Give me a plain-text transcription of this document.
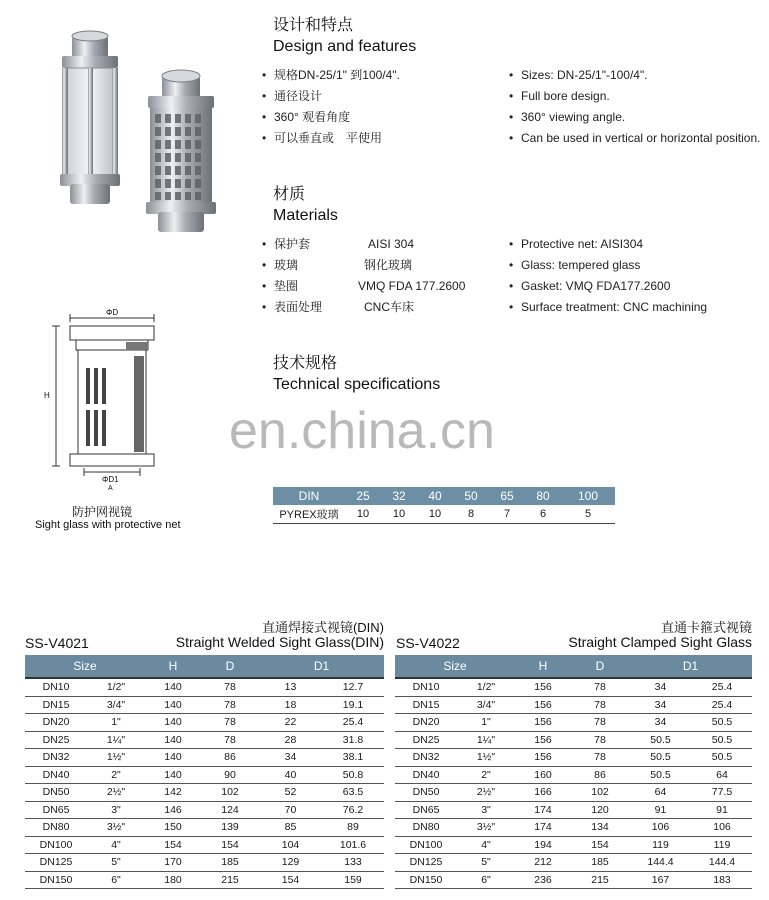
设计和特点
Design and features
• 规格DN-25/1" 到100/4".
• 通径设计
• 360° 观看角度
• 可以垂直或　平使用
• Sizes: DN-25/1"-100/4".
• Full bore design.
• 360° viewing angle.
• Can be used in vertical or horizontal position.
材质
Materials
• 保护套	AISI 304
• 玻璃	钢化玻璃
• 垫圈	VMQ FDA 177.2600
• 表面处理	CNC车床
• Protective net: AISI304
• Glass: tempered glass
• Gasket: VMQ FDA177.2600
• Surface treatment: CNC machining
技术规格
Technical specifications
en.china.cn
ΦD
H
ΦD1
A
防护网视镜
Sight glass with protective net
DIN	25	32	40	50	65	80	100
PYREX玻璃	10	10	10	8	7	6	5
直通焊接式视镜(DIN)
SS-V4021	Straight Welded Sight Glass(DIN)
直通卡箍式视镜
SS-V4022	Straight Clamped Sight Glass
Size		H	D	D1	
DN10	1/2"	140	78	13	12.7
DN15	3/4"	140	78	18	19.1
DN20	1"	140	78	22	25.4
DN25	1¼"	140	78	28	31.8
DN32	1½"	140	86	34	38.1
DN40	2"	140	90	40	50.8
DN50	2½"	142	102	52	63.5
DN65	3"	146	124	70	76.2
DN80	3½"	150	139	85	89
DN100	4"	154	154	104	101.6
DN125	5"	170	185	129	133
DN150	6"	180	215	154	159
Size		H	D	D1	
DN10	1/2"	156	78	34	25.4
DN15	3/4"	156	78	34	25.4
DN20	1"	156	78	34	50.5
DN25	1¼"	156	78	50.5	50.5
DN32	1½"	156	78	50.5	50.5
DN40	2"	160	86	50.5	64
DN50	2½"	166	102	64	77.5
DN65	3"	174	120	91	91
DN80	3½"	174	134	106	106
DN100	4"	194	154	119	119
DN125	5"	212	185	144.4	144.4
DN150	6"	236	215	167	183
